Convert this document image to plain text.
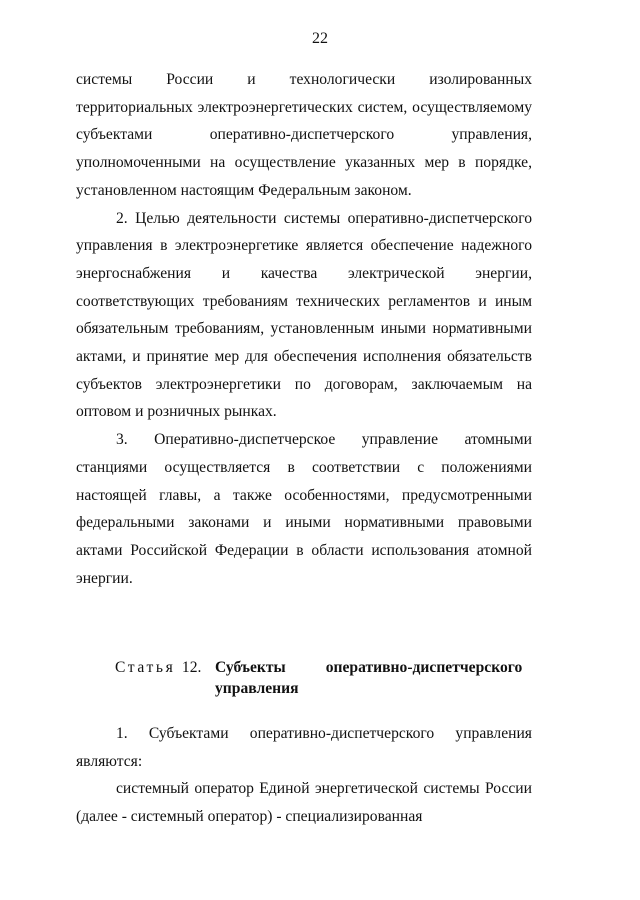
22

системы России и технологически изолированных территориальных электроэнергетических систем, осуществляемому субъектами оперативно-диспетчерского управления, уполномоченными на осуществление указанных мер в порядке, установленном настоящим Федеральным законом.

2. Целью деятельности системы оперативно-диспетчерского управления в электроэнергетике является обеспечение надежного энергоснабжения и качества электрической энергии, соответствующих требованиям технических регламентов и иным обязательным требованиям, установленным иными нормативными актами, и принятие мер для обеспечения исполнения обязательств субъектов электроэнергетики по договорам, заключаемым на оптовом и розничных рынках.

3. Оперативно-диспетчерское управление атомными станциями осуществляется в соответствии с положениями настоящей главы, а также особенностями, предусмотренными федеральными законами и иными нормативными правовыми актами Российской Федерации в области использования атомной энергии.

Статья 12. Субъекты	оперативно-диспетчерского
управления

1. Субъектами оперативно-диспетчерского управления являются:

системный оператор Единой энергетической системы России (далее - системный оператор) - специализированная
